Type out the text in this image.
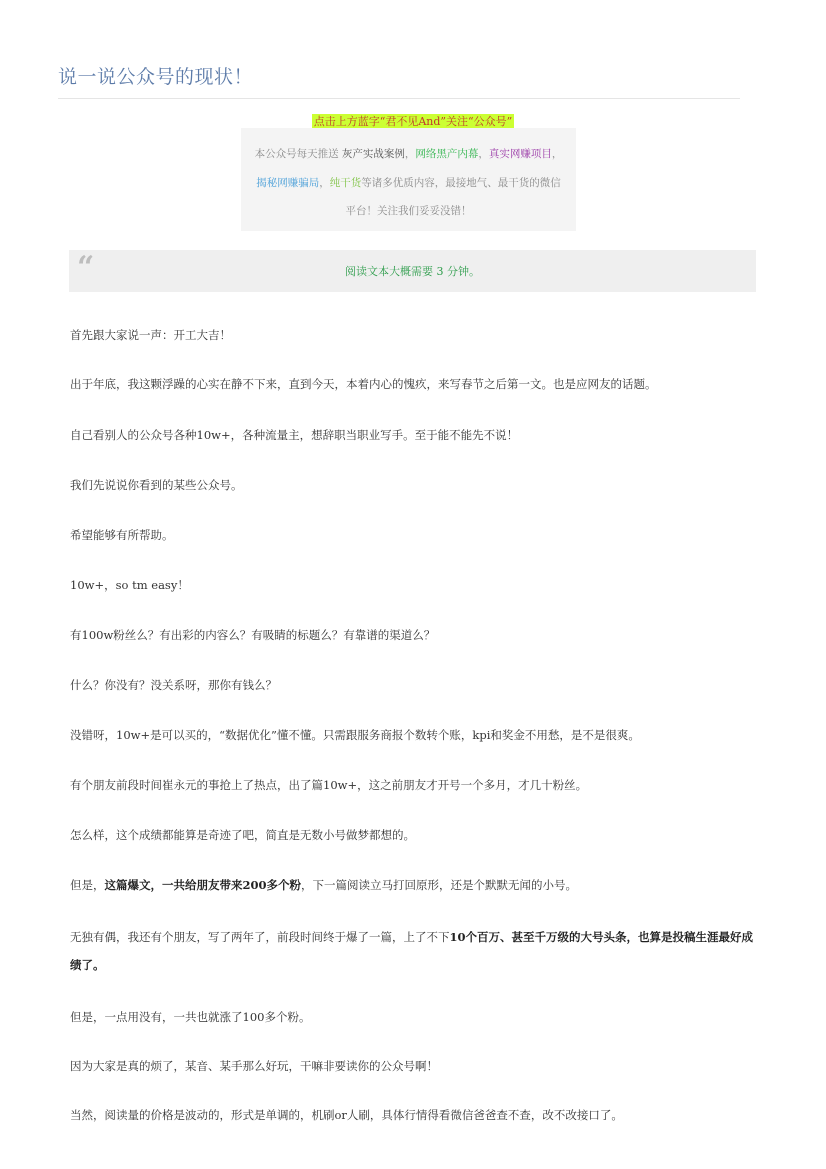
说一说公众号的现状！
点击上方蓝字“君不见And”关注“公众号”
本公众号每天推送 灰产实战案例，网络黑产内幕，真实网赚项目，揭秘网赚骗局，纯干货等诸多优质内容，最接地气、最干货的微信平台！关注我们妥妥没错！
“	阅读文本大概需要 3 分钟。
首先跟大家说一声：开工大吉！
出于年底，我这颗浮躁的心实在静不下来，直到今天，本着内心的愧疚，来写春节之后第一文。也是应网友的话题。
自己看别人的公众号各种10w+，各种流量主，想辞职当职业写手。至于能不能先不说！
我们先说说你看到的某些公众号。
希望能够有所帮助。
10w+，so tm easy！
有100w粉丝么？有出彩的内容么？有吸睛的标题么？有靠谱的渠道么？
什么？你没有？没关系呀，那你有钱么？
没错呀，10w+是可以买的，“数据优化”懂不懂。只需跟服务商报个数转个账，kpi和奖金不用愁，是不是很爽。
有个朋友前段时间崔永元的事抢上了热点，出了篇10w+，这之前朋友才开号一个多月，才几十粉丝。
怎么样，这个成绩都能算是奇迹了吧，简直是无数小号做梦都想的。
但是，这篇爆文，一共给朋友带来200多个粉，下一篇阅读立马打回原形，还是个默默无闻的小号。
无独有偶，我还有个朋友，写了两年了，前段时间终于爆了一篇，上了不下10个百万、甚至千万级的大号头条，也算是投稿生涯最好成绩了。
但是，一点用没有，一共也就涨了100多个粉。
因为大家是真的烦了，某音、某手那么好玩，干嘛非要读你的公众号啊！
当然，阅读量的价格是波动的，形式是单调的，机刷or人刷，具体行情得看微信爸爸查不查，改不改接口了。
